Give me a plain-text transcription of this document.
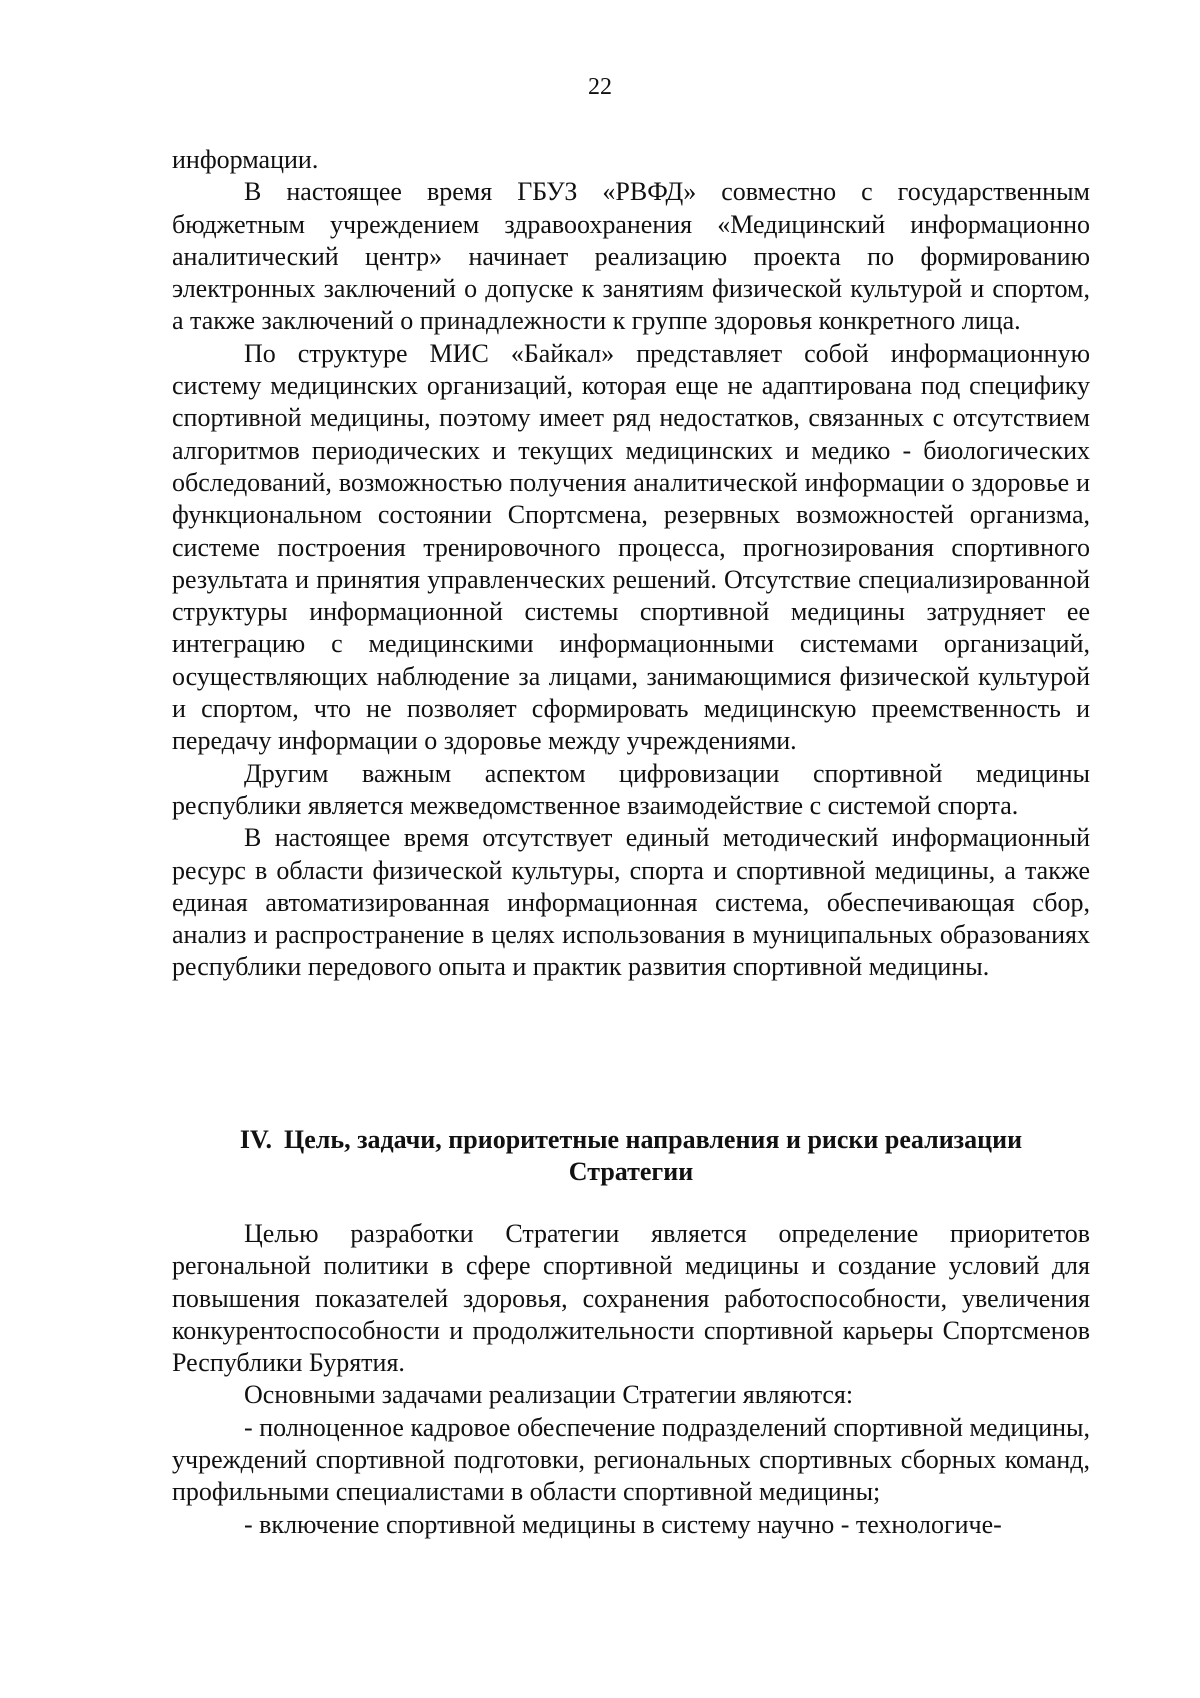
22

информации.

В настоящее время ГБУЗ «РВФД» совместно с государственным бюджетным учреждением здравоохранения «Медицинский информационно аналитический центр» начинает реализацию проекта по формированию электронных заключений о допуске к занятиям физической культурой и спортом, а также заключений о принадлежности к группе здоровья конкретного лица.

По структуре МИС «Байкал» представляет собой информационную систему медицинских организаций, которая еще не адаптирована под специфику спортивной медицины, поэтому имеет ряд недостатков, связанных с отсутствием алгоритмов периодических и текущих медицинских и медико - биологических обследований, возможностью получения аналитической информации о здоровье и функциональном состоянии Спортсмена, резервных возможностей организма, системе построения тренировочного процесса, прогнозирования спортивного результата и принятия управленческих решений. Отсутствие специализированной структуры информационной системы спортивной медицины затрудняет ее интеграцию с медицинскими информационными системами организаций, осуществляющих наблюдение за лицами, занимающимися физической культурой и спортом, что не позволяет сформировать медицинскую преемственность и передачу информации о здоровье между учреждениями.

Другим важным аспектом цифровизации спортивной медицины республики является межведомственное взаимодействие с системой спорта.

В настоящее время отсутствует единый методический информационный ресурс в области физической культуры, спорта и спортивной медицины, а также единая автоматизированная информационная система, обеспечивающая сбор, анализ и распространение в целях использования в муниципальных образованиях республики передового опыта и практик развития спортивной медицины.

IV. Цель, задачи, приоритетные направления и риски реализации
Стратегии

Целью разработки Стратегии является определение приоритетов регональной политики в сфере спортивной медицины и создание условий для повышения показателей здоровья, сохранения работоспособности, увеличения конкурентоспособности и продолжительности спортивной карьеры Спортсменов Республики Бурятия.

Основными задачами реализации Стратегии являются:

- полноценное кадровое обеспечение подразделений спортивной медицины, учреждений спортивной подготовки, региональных спортивных сборных команд, профильными специалистами в области спортивной медицины;

- включение спортивной медицины в систему научно - технологиче-
